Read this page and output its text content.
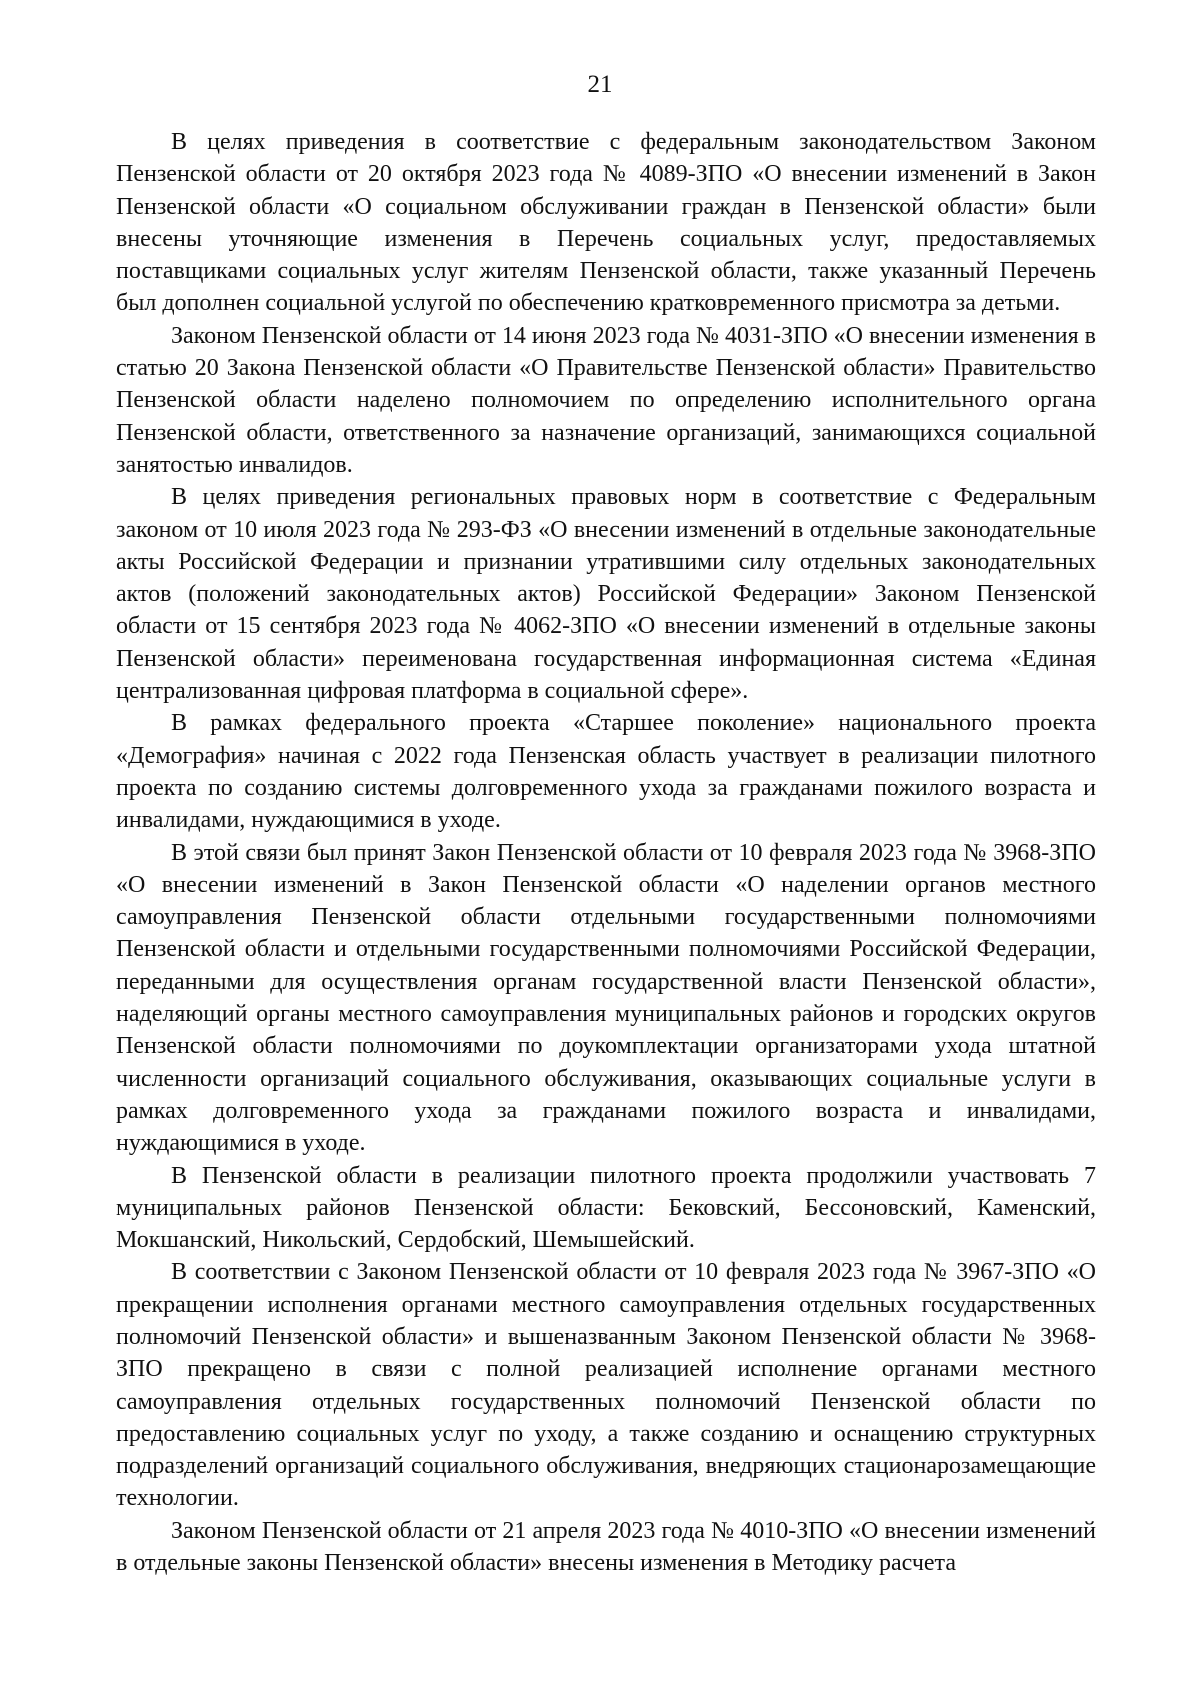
21

В целях приведения в соответствие с федеральным законодательством Законом Пензенской области от 20 октября 2023 года № 4089-ЗПО «О внесении изменений в Закон Пензенской области «О социальном обслуживании граждан в Пензенской области» были внесены уточняющие изменения в Перечень социальных услуг, предоставляемых поставщиками социальных услуг жителям Пензенской области, также указанный Перечень был дополнен социальной услугой по обеспечению кратковременного присмотра за детьми.

Законом Пензенской области от 14 июня 2023 года № 4031-ЗПО «О внесении изменения в статью 20 Закона Пензенской области «О Правительстве Пензенской области» Правительство Пензенской области наделено полномочием по определению исполнительного органа Пензенской области, ответственного за назначение организаций, занимающихся социальной занятостью инвалидов.

В целях приведения региональных правовых норм в соответствие с Федеральным законом от 10 июля 2023 года № 293-ФЗ «О внесении изменений в отдельные законодательные акты Российской Федерации и признании утратившими силу отдельных законодательных актов (положений законодательных актов) Российской Федерации» Законом Пензенской области от 15 сентября 2023 года № 4062-ЗПО «О внесении изменений в отдельные законы Пензенской области» переименована государственная информационная система «Единая централизованная цифровая платформа в социальной сфере».

В рамках федерального проекта «Старшее поколение» национального проекта «Демография» начиная с 2022 года Пензенская область участвует в реализации пилотного проекта по созданию системы долговременного ухода за гражданами пожилого возраста и инвалидами, нуждающимися в уходе.

В этой связи был принят Закон Пензенской области от 10 февраля 2023 года № 3968-ЗПО «О внесении изменений в Закон Пензенской области «О наделении органов местного самоуправления Пензенской области отдельными государственными полномочиями Пензенской области и отдельными государственными полномочиями Российской Федерации, переданными для осуществления органам государственной власти Пензенской области», наделяющий органы местного самоуправления муниципальных районов и городских округов Пензенской области полномочиями по доукомплектации организаторами ухода штатной численности организаций социального обслуживания, оказывающих социальные услуги в рамках долговременного ухода за гражданами пожилого возраста и инвалидами, нуждающимися в уходе.

В Пензенской области в реализации пилотного проекта продолжили участвовать 7 муниципальных районов Пензенской области: Бековский, Бессоновский, Каменский, Мокшанский, Никольский, Сердобский, Шемышейский.

В соответствии с Законом Пензенской области от 10 февраля 2023 года № 3967-ЗПО «О прекращении исполнения органами местного самоуправления отдельных государственных полномочий Пензенской области» и вышеназванным Законом Пензенской области № 3968-ЗПО прекращено в связи с полной реализацией исполнение органами местного самоуправления отдельных государственных полномочий Пензенской области по предоставлению социальных услуг по уходу, а также созданию и оснащению структурных подразделений организаций социального обслуживания, внедряющих стационарозамещающие технологии.

Законом Пензенской области от 21 апреля 2023 года № 4010-ЗПО «О внесении изменений в отдельные законы Пензенской области» внесены изменения в Методику расчета
